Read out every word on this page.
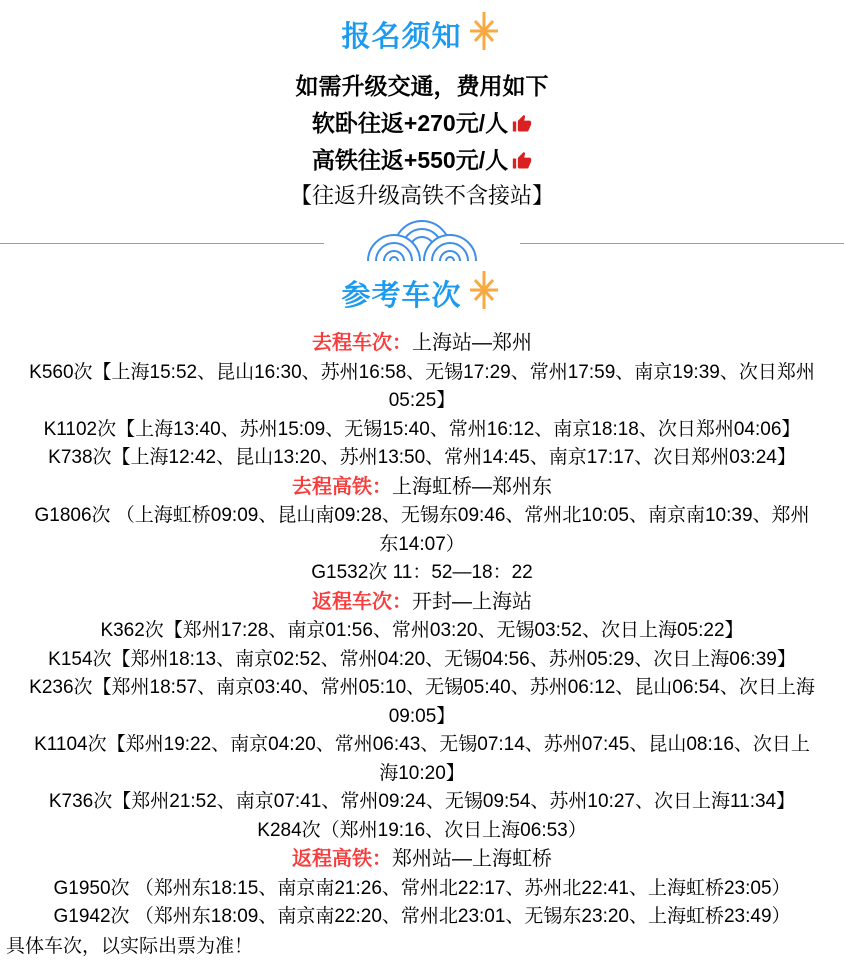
报名须知

如需升级交通，费用如下

软卧往返+270元/人

高铁往返+550元/人

【往返升级高铁不含接站】

参考车次
去程车次：上海站—郑州
K560次【上海15:52、昆山16:30、苏州16:58、无锡17:29、常州17:59、南京19:39、次日郑州05:25】
K1102次【上海13:40、苏州15:09、无锡15:40、常州16:12、南京18:18、次日郑州04:06】
K738次【上海12:42、昆山13:20、苏州13:50、常州14:45、南京17:17、次日郑州03:24】
去程高铁：上海虹桥—郑州东
G1806次 （上海虹桥09:09、昆山南09:28、无锡东09:46、常州北10:05、南京南10:39、郑州东14:07）
G1532次 11：52—18：22
返程车次：开封—上海站
K362次【郑州17:28、南京01:56、常州03:20、无锡03:52、次日上海05:22】
K154次【郑州18:13、南京02:52、常州04:20、无锡04:56、苏州05:29、次日上海06:39】
K236次【郑州18:57、南京03:40、常州05:10、无锡05:40、苏州06:12、昆山06:54、次日上海09:05】
K1104次【郑州19:22、南京04:20、常州06:43、无锡07:14、苏州07:45、昆山08:16、次日上海10:20】
K736次【郑州21:52、南京07:41、常州09:24、无锡09:54、苏州10:27、次日上海11:34】
K284次（郑州19:16、次日上海06:53）
返程高铁：郑州站—上海虹桥
G1950次 （郑州东18:15、南京南21:26、常州北22:17、苏州北22:41、上海虹桥23:05）
G1942次 （郑州东18:09、南京南22:20、常州北23:01、无锡东23:20、上海虹桥23:49）

具体车次，以实际出票为准！
